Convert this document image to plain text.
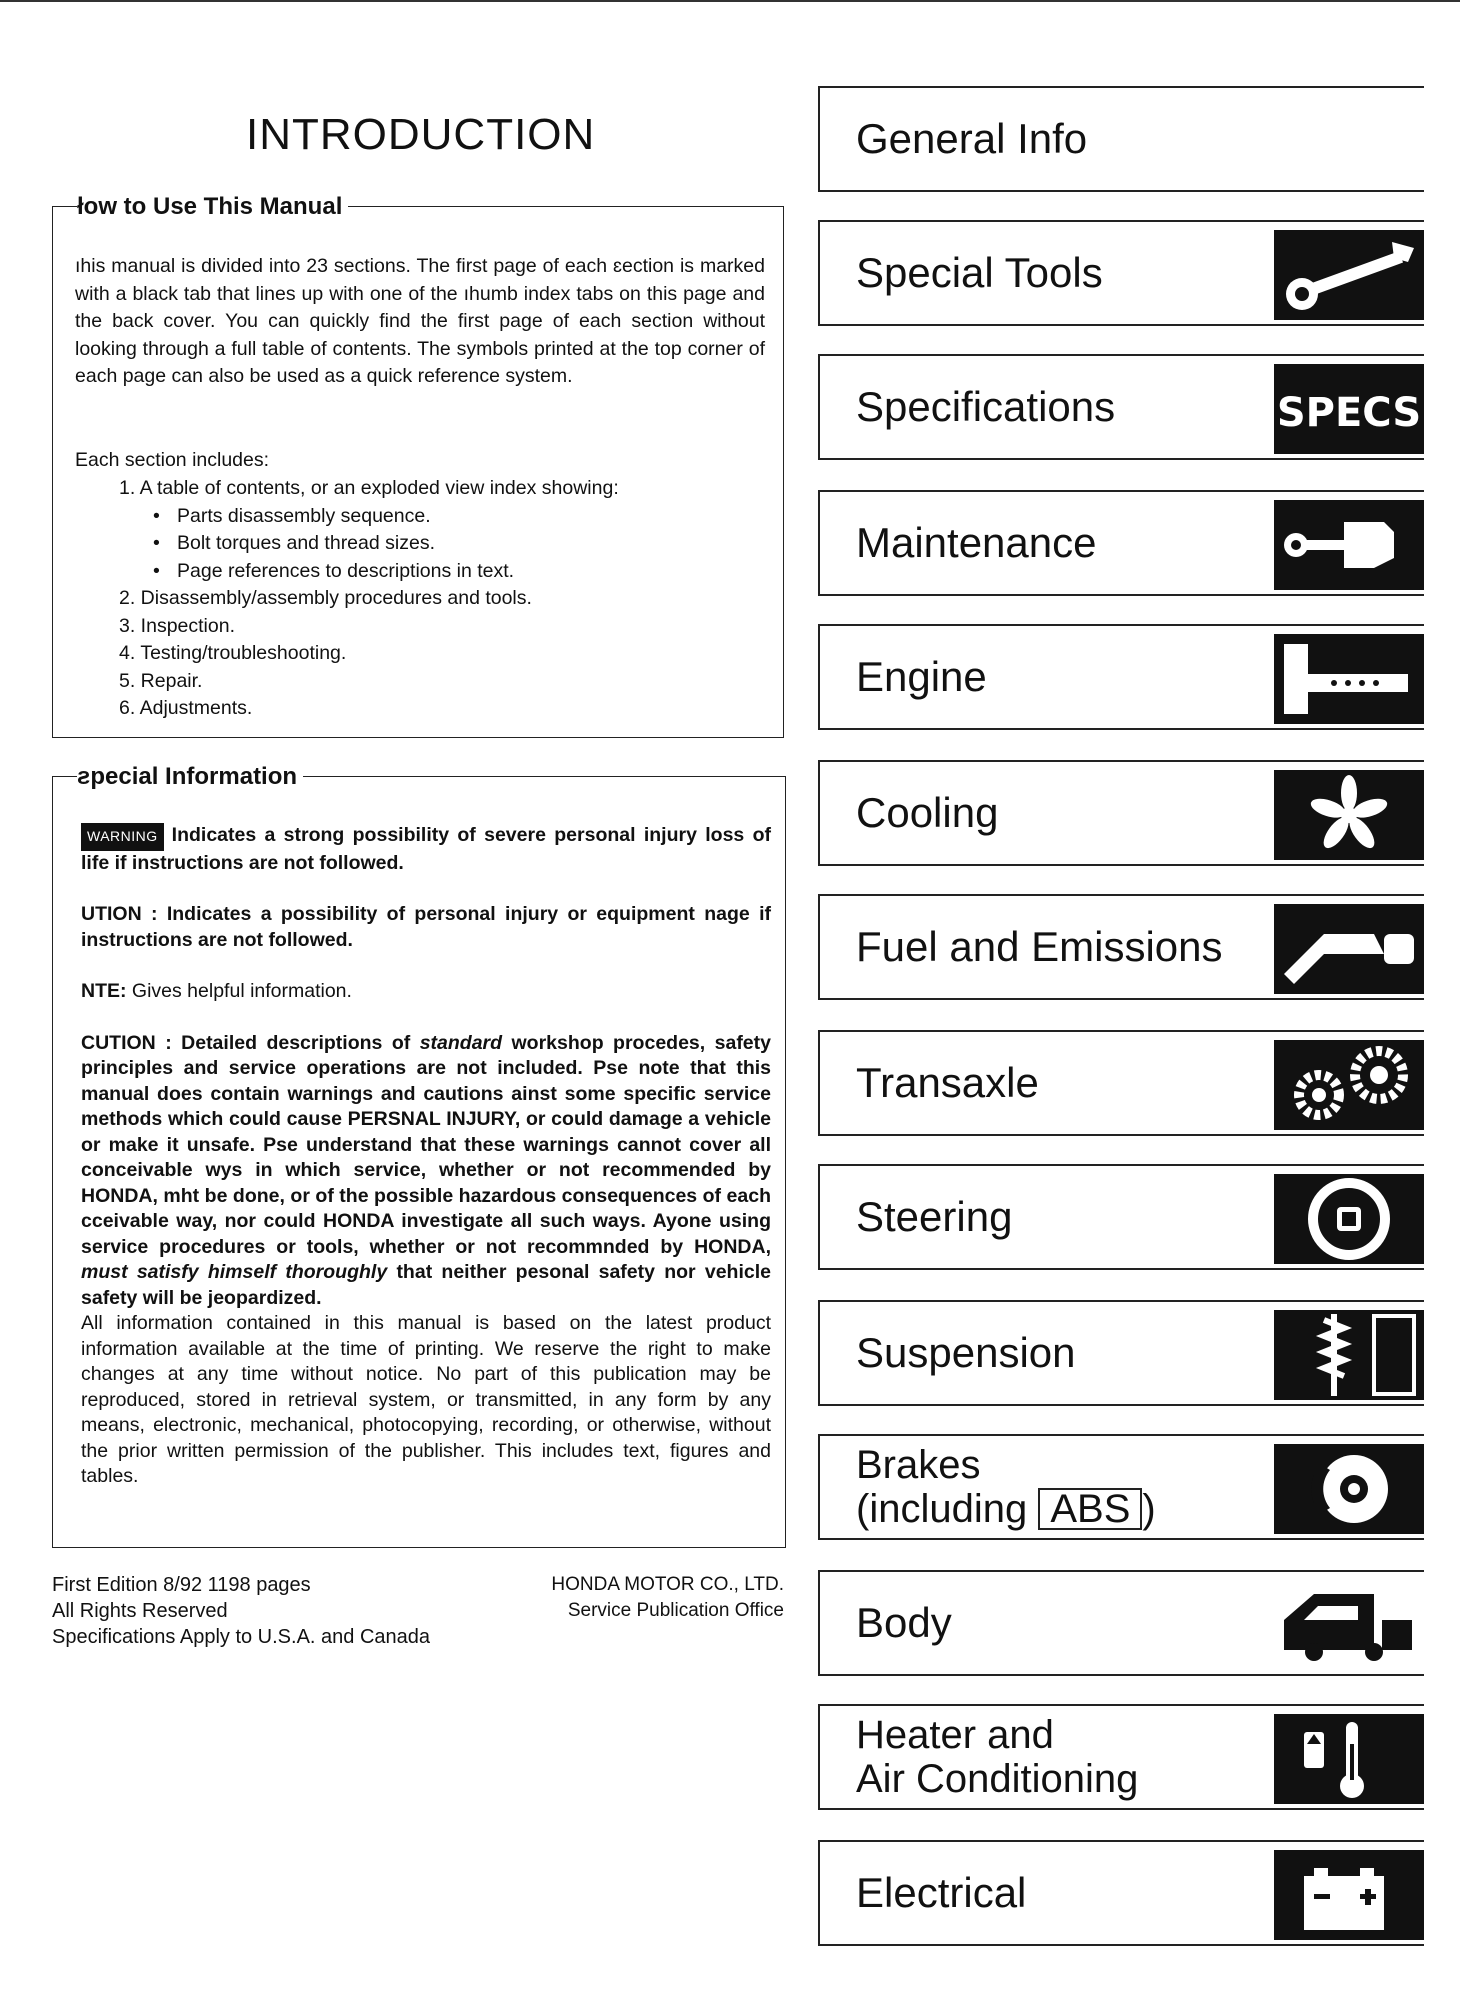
INTRODUCTION
łow to Use This Manual
ıhis manual is divided into 23 sections. The first page of each ɛection is marked with a black tab that lines up with one of the ıhumb index tabs on this page and the back cover. You can quickly find the first page of each section without looking through a full table of contents. The symbols printed at the top corner of each page can also be used as a quick reference system.
Each section includes:
1. A table of contents, or an exploded view index showing:
• Parts disassembly sequence.
• Bolt torques and thread sizes.
• Page references to descriptions in text.
2. Disassembly/assembly procedures and tools.
3. Inspection.
4. Testing/troubleshooting.
5. Repair.
6. Adjustments.
ƨpecial Information

WARNING Indicates a strong possibility of severe personal injury loss of life if instructions are not followed.

UTION : Indicates a possibility of personal injury or equipment nage if instructions are not followed.

NTE: Gives helpful information.

CUTION : Detailed descriptions of standard workshop procedes, safety principles and service operations are not included. Pse note that this manual does contain warnings and cautions ainst some specific service methods which could cause PERSNAL INJURY, or could damage a vehicle or make it unsafe. Pse understand that these warnings cannot cover all conceivable wys in which service, whether or not recommended by HONDA, mht be done, or of the possible hazardous consequences of each cceivable way, nor could HONDA investigate all such ways. Ayone using service procedures or tools, whether or not recommnded by HONDA, must satisfy himself thoroughly that neither pesonal safety nor vehicle safety will be jeopardized.

All information contained in this manual is based on the latest product information available at the time of printing. We reserve the right to make changes at any time without notice. No part of this publication may be reproduced, stored in retrieval system, or transmitted, in any form by any means, electronic, mechanical, photocopying, recording, or otherwise, without the prior written permission of the publisher. This includes text, figures and tables.

First Edition 8/92 1198 pages
All Rights Reserved
Specifications Apply to U.S.A. and Canada
HONDA MOTOR CO., LTD.
Service Publication Office
General Info
Special Tools
Specifications	SPECS
Maintenance
Engine
Cooling
Fuel and Emissions
Transaxle
Steering
Suspension
Brakes
(including ABS )
Body
Heater and
Air Conditioning
Electrical
